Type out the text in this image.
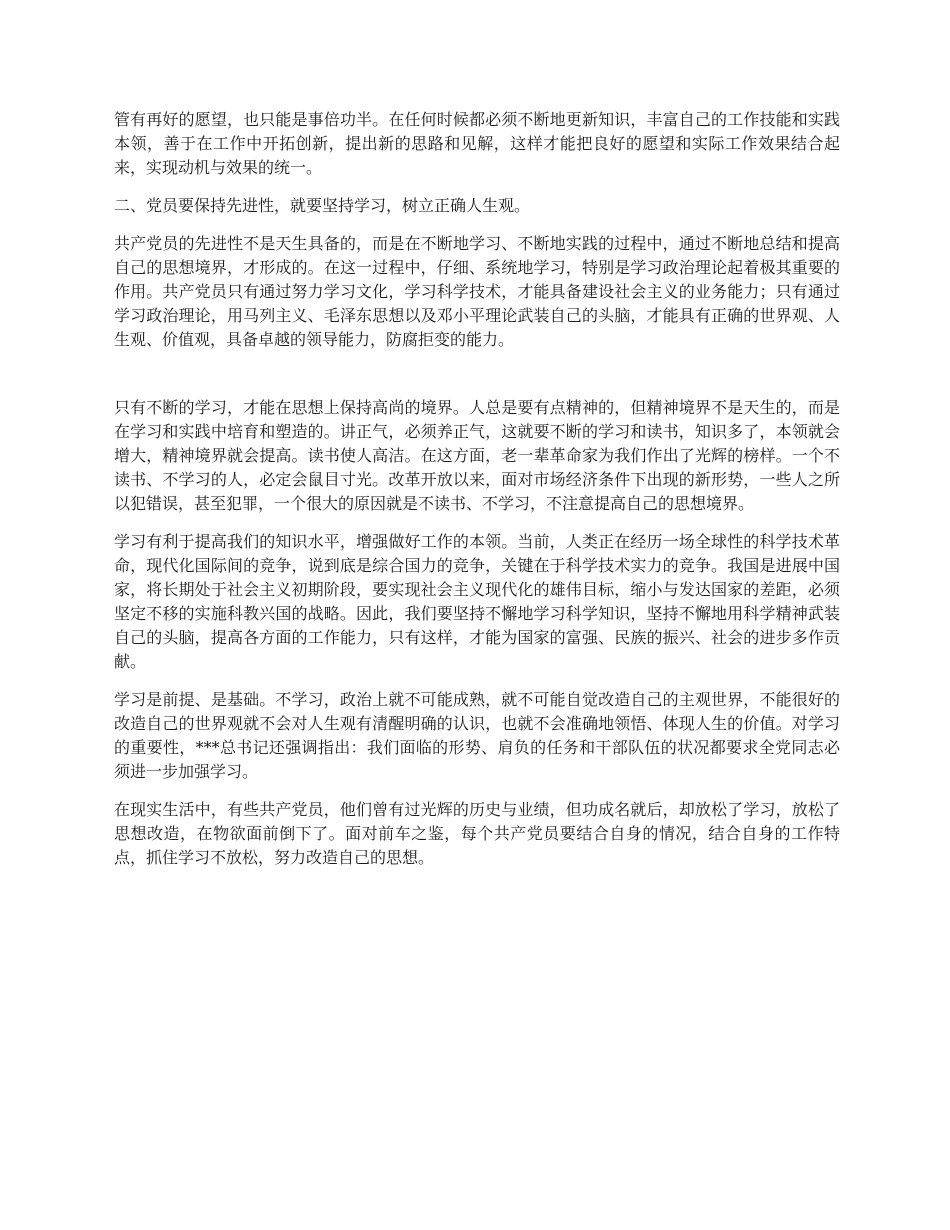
管有再好的愿望，也只能是事倍功半。在任何时候都必须不断地更新知识，丰富自己的工作技能和实践本领，善于在工作中开拓创新，提出新的思路和见解，这样才能把良好的愿望和实际工作效果结合起来，实现动机与效果的统一。

二、党员要保持先进性，就要坚持学习，树立正确人生观。

共产党员的先进性不是天生具备的，而是在不断地学习、不断地实践的过程中，通过不断地总结和提高自己的思想境界，才形成的。在这一过程中，仔细、系统地学习，特别是学习政治理论起着极其重要的作用。共产党员只有通过努力学习文化，学习科学技术，才能具备建设社会主义的业务能力；只有通过学习政治理论，用马列主义、毛泽东思想以及邓小平理论武装自己的头脑，才能具有正确的世界观、人生观、价值观，具备卓越的领导能力，防腐拒变的能力。

只有不断的学习，才能在思想上保持高尚的境界。人总是要有点精神的，但精神境界不是天生的，而是在学习和实践中培育和塑造的。讲正气，必须养正气，这就要不断的学习和读书，知识多了，本领就会增大，精神境界就会提高。读书使人高洁。在这方面，老一辈革命家为我们作出了光辉的榜样。一个不读书、不学习的人，必定会鼠目寸光。改革开放以来，面对市场经济条件下出现的新形势，一些人之所以犯错误，甚至犯罪，一个很大的原因就是不读书、不学习，不注意提高自己的思想境界。

学习有利于提高我们的知识水平，增强做好工作的本领。当前，人类正在经历一场全球性的科学技术革命，现代化国际间的竞争，说到底是综合国力的竞争，关键在于科学技术实力的竞争。我国是进展中国家，将长期处于社会主义初期阶段，要实现社会主义现代化的雄伟目标，缩小与发达国家的差距，必须坚定不移的实施科教兴国的战略。因此，我们要坚持不懈地学习科学知识，坚持不懈地用科学精神武装自己的头脑，提高各方面的工作能力，只有这样，才能为国家的富强、民族的振兴、社会的进步多作贡献。

学习是前提、是基础。不学习，政治上就不可能成熟，就不可能自觉改造自己的主观世界，不能很好的改造自己的世界观就不会对人生观有清醒明确的认识，也就不会准确地领悟、体现人生的价值。对学习的重要性，***总书记还强调指出：我们面临的形势、肩负的任务和干部队伍的状况都要求全党同志必须进一步加强学习。

在现实生活中，有些共产党员，他们曾有过光辉的历史与业绩，但功成名就后，却放松了学习，放松了思想改造，在物欲面前倒下了。面对前车之鉴，每个共产党员要结合自身的情况，结合自身的工作特点，抓住学习不放松，努力改造自己的思想。
